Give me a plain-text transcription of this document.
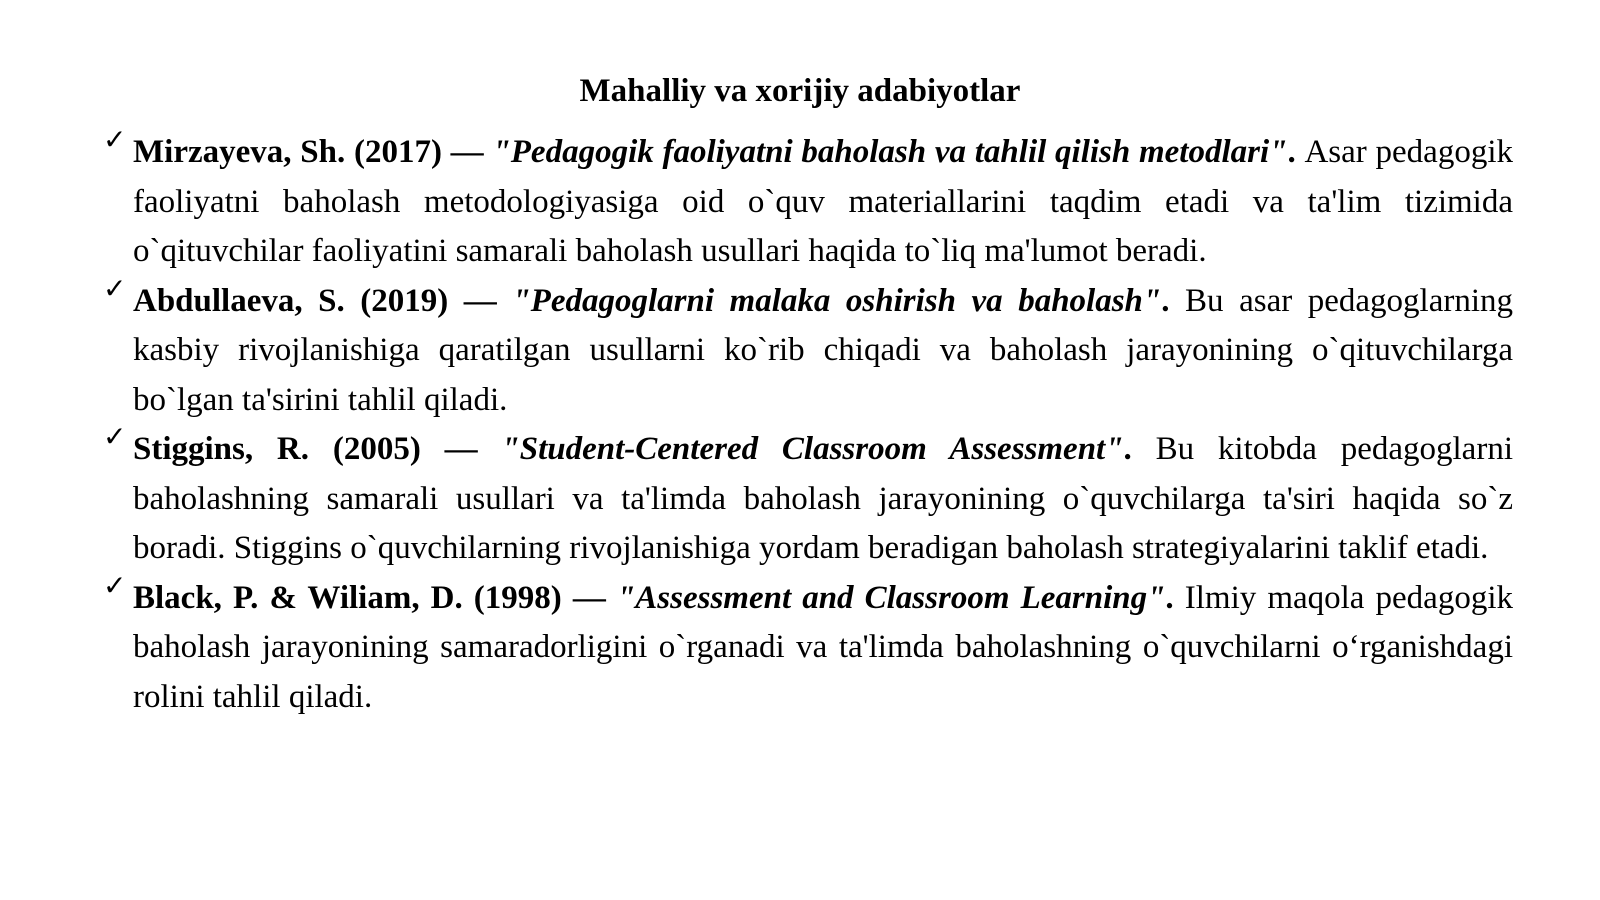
Mahalliy va xorijiy adabiyotlar
✓ Mirzayeva, Sh. (2017) — "Pedagogik faoliyatni baholash va tahlil qilish metodlari". Asar pedagogik faoliyatni baholash metodologiyasiga oid o`quv materiallarini taqdim etadi va ta'lim tizimida o`qituvchilar faoliyatini samarali baholash usullari haqida to`liq ma'lumot beradi.
✓ Abdullaeva, S. (2019) — "Pedagoglarni malaka oshirish va baholash". Bu asar pedagoglarning kasbiy rivojlanishiga qaratilgan usullarni ko`rib chiqadi va baholash jarayonining o`qituvchilarga bo`lgan ta'sirini tahlil qiladi.
✓ Stiggins, R. (2005) — "Student-Centered Classroom Assessment". Bu kitobda pedagoglarni baholashning samarali usullari va ta'limda baholash jarayonining o`quvchilarga ta'siri haqida so`z boradi. Stiggins o`quvchilarning rivojlanishiga yordam beradigan baholash strategiyalarini taklif etadi.
✓ Black, P. & Wiliam, D. (1998) — "Assessment and Classroom Learning". Ilmiy maqola pedagogik baholash jarayonining samaradorligini o`rganadi va ta'limda baholashning o`quvchilarni o‘rganishdagi rolini tahlil qiladi.
